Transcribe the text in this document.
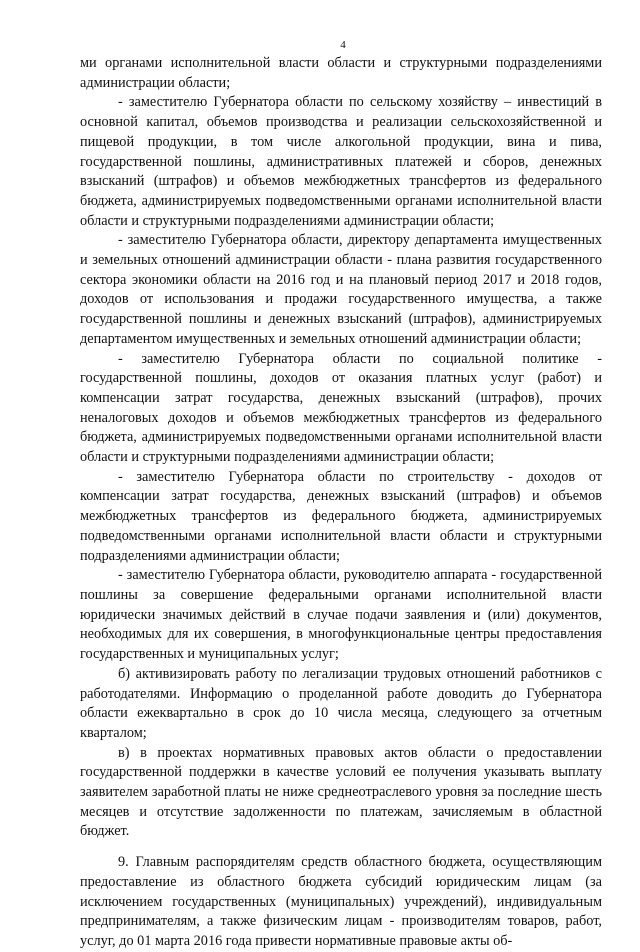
4

ми органами исполнительной власти области и структурными подразделениями администрации области;

- заместителю Губернатора области по сельскому хозяйству – инвестиций в основной капитал, объемов производства и реализации сельскохозяйственной и пищевой продукции, в том числе алкогольной продукции, вина и пива, государственной пошлины, административных платежей и сборов, денежных взысканий (штрафов) и объемов межбюджетных трансфертов из федерального бюджета, администрируемых подведомственными органами исполнительной власти области и структурными подразделениями администрации области;

- заместителю Губернатора области, директору департамента имущественных и земельных отношений администрации области - плана развития государственного сектора экономики области на 2016 год и на плановый период 2017 и 2018 годов, доходов от использования и продажи государственного имущества, а также государственной пошлины и денежных взысканий (штрафов), администрируемых департаментом имущественных и земельных отношений администрации области;

- заместителю Губернатора области по социальной политике - государственной пошлины, доходов от оказания платных услуг (работ) и компенсации затрат государства, денежных взысканий (штрафов), прочих неналоговых доходов и объемов межбюджетных трансфертов из федерального бюджета, администрируемых подведомственными органами исполнительной власти области и структурными подразделениями администрации области;

- заместителю Губернатора области по строительству - доходов от компенсации затрат государства, денежных взысканий (штрафов) и объемов межбюджетных трансфертов из федерального бюджета, администрируемых подведомственными органами исполнительной власти области и структурными подразделениями администрации области;

- заместителю Губернатора области, руководителю аппарата - государственной пошлины за совершение федеральными органами исполнительной власти юридически значимых действий в случае подачи заявления и (или) документов, необходимых для их совершения, в многофункциональные центры предоставления государственных и муниципальных услуг;

б) активизировать работу по легализации трудовых отношений работников с работодателями. Информацию о проделанной работе доводить до Губернатора области ежеквартально в срок до 10 числа месяца, следующего за отчетным кварталом;

в) в проектах нормативных правовых актов области о предоставлении государственной поддержки в качестве условий ее получения указывать выплату заявителем заработной платы не ниже среднеотраслевого уровня за последние шесть месяцев и отсутствие задолженности по платежам, зачисляемым в областной бюджет.

9. Главным распорядителям средств областного бюджета, осуществляющим предоставление из областного бюджета субсидий юридическим лицам (за исключением государственных (муниципальных) учреждений), индивидуальным предпринимателям, а также физическим лицам - производителям товаров, работ, услуг, до 01 марта 2016 года привести нормативные правовые акты об-
